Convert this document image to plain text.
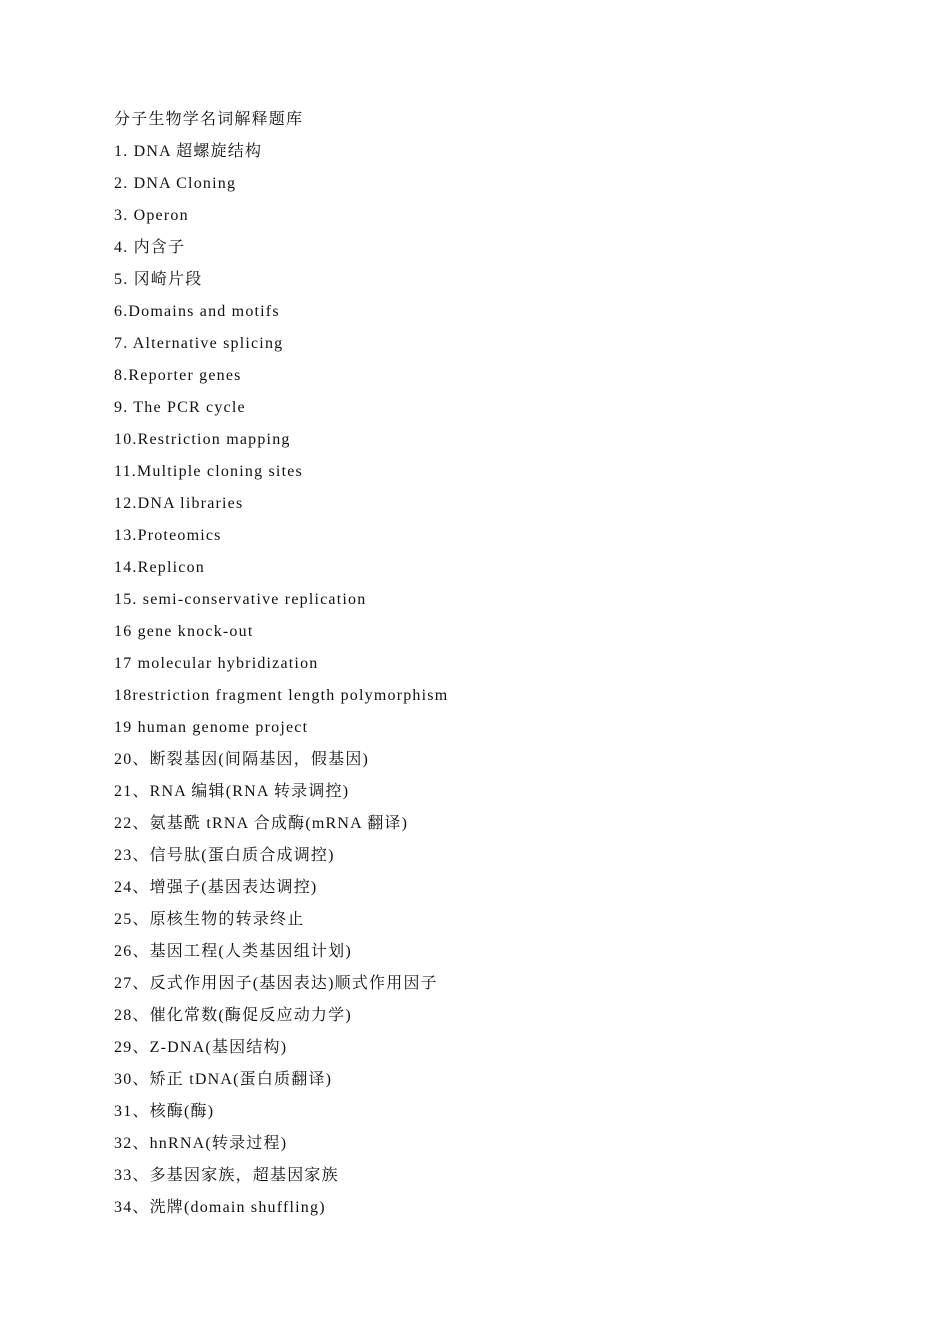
分子生物学名词解释题库
1. DNA 超螺旋结构
2. DNA Cloning
3. Operon
4. 内含子
5. 冈崎片段
6.Domains and motifs
7. Alternative splicing
8.Reporter genes
9. The PCR cycle
10.Restriction mapping
11.Multiple cloning sites
12.DNA libraries
13.Proteomics
14.Replicon
15. semi-conservative replication
16 gene knock-out
17 molecular hybridization
18restriction fragment length polymorphism
19 human genome project
20、断裂基因(间隔基因，假基因)
21、RNA 编辑(RNA 转录调控)
22、氨基酰 tRNA 合成酶(mRNA 翻译)
23、信号肽(蛋白质合成调控)
24、增强子(基因表达调控)
25、原核生物的转录终止
26、基因工程(人类基因组计划)
27、反式作用因子(基因表达)顺式作用因子
28、催化常数(酶促反应动力学)
29、Z-DNA(基因结构)
30、矫正 tDNA(蛋白质翻译)
31、核酶(酶)
32、hnRNA(转录过程)
33、多基因家族，超基因家族
34、洗牌(domain shuffling)
